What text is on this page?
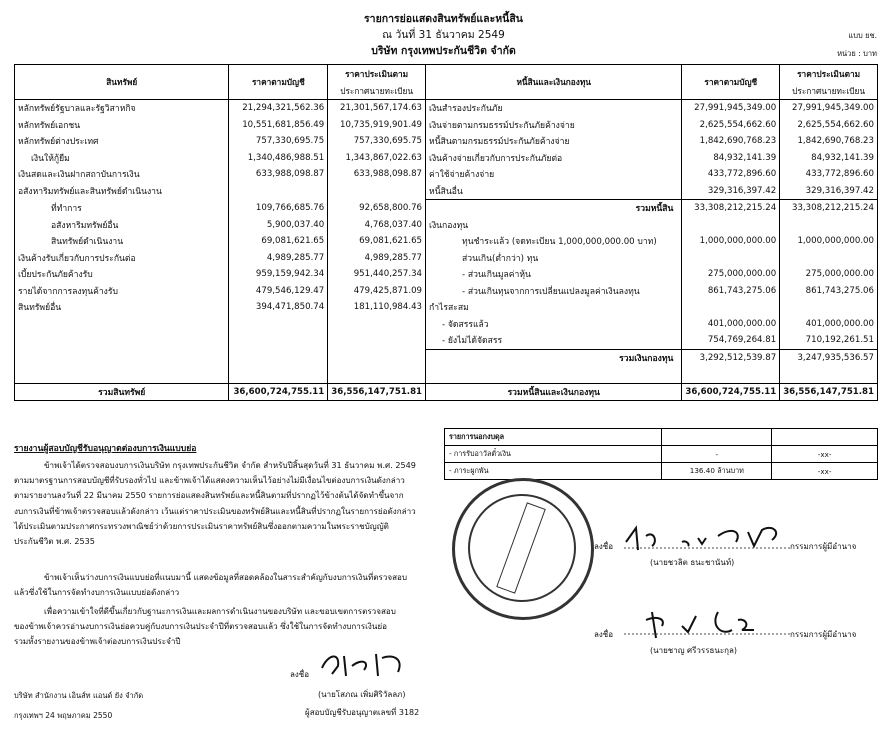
รายการย่อแสดงสินทรัพย์และหนี้สิน
ณ วันที่ 31 ธันวาคม 2549
บริษัท กรุงเทพประกันชีวิต จำกัด
แบบ ยช.
หน่วย : บาท
สินทรัพย์	ราคาตามบัญชี	ราคาประเมินตาม	หนี้สินและเงินกองทุน	ราคาตามบัญชี	ราคาประเมินตาม
		ประกาศนายทะเบียน			ประกาศนายทะเบียน
หลักทรัพย์รัฐบาลและรัฐวิสาหกิจ	21,294,321,562.36	21,301,567,174.63	เงินสำรองประกันภัย	27,991,945,349.00	27,991,945,349.00
หลักทรัพย์เอกชน	10,551,681,856.49	10,735,919,901.49	เงินจ่ายตามกรมธรรม์ประกันภัยค้างจ่าย	2,625,554,662.60	2,625,554,662.60
หลักทรัพย์ต่างประเทศ	757,330,695.75	757,330,695.75	หนี้สินตามกรมธรรม์ประกันภัยค้างจ่าย	1,842,690,768.23	1,842,690,768.23
เงินให้กู้ยืม	1,340,486,988.51	1,343,867,022.63	เงินค้างจ่ายเกี่ยวกับการประกันภัยต่อ	84,932,141.39	84,932,141.39
เงินสดและเงินฝากสถาบันการเงิน	633,988,098.87	633,988,098.87	ค่าใช้จ่ายค้างจ่าย	433,772,896.60	433,772,896.60
อสังหาริมทรัพย์และสินทรัพย์ดำเนินงาน			หนี้สินอื่น	329,316,397.42	329,316,397.42
ที่ทำการ	109,766,685.76	92,658,800.76	รวมหนี้สิน	33,308,212,215.24	33,308,212,215.24
อสังหาริมทรัพย์อื่น	5,900,037.40	4,768,037.40	เงินกองทุน		
สินทรัพย์ดำเนินงาน	69,081,621.65	69,081,621.65	ทุนชำระแล้ว (จดทะเบียน 1,000,000,000.00 บาท)	1,000,000,000.00	1,000,000,000.00
เงินค้างรับเกี่ยวกับการประกันต่อ	4,989,285.77	4,989,285.77	ส่วนเกิน(ต่ำกว่า) ทุน		
เบี้ยประกันภัยค้างรับ	959,159,942.34	951,440,257.34	- ส่วนเกินมูลค่าหุ้น	275,000,000.00	275,000,000.00
รายได้จากการลงทุนค้างรับ	479,546,129.47	479,425,871.09	- ส่วนเกินทุนจากการเปลี่ยนแปลงมูลค่าเงินลงทุน	861,743,275.06	861,743,275.06
สินทรัพย์อื่น	394,471,850.74	181,110,984.43	กำไรสะสม		
			- จัดสรรแล้ว	401,000,000.00	401,000,000.00
			- ยังไม่ได้จัดสรร	754,769,264.81	710,192,261.51
			รวมเงินกองทุน	3,292,512,539.87	3,247,935,536.57

รวมสินทรัพย์	36,600,724,755.11	36,556,147,751.81	รวมหนี้สินและเงินกองทุน	36,600,724,755.11	36,556,147,751.81
รายการนอกงบดุล		
- การรับอาวัลตั๋วเงิน	-	-xx-
- ภาระผูกพัน	136.40 ล้านบาท	-xx-
รายงานผู้สอบบัญชีรับอนุญาตต่องบการเงินแบบย่อ
ข้าพเจ้าได้ตรวจสอบงบการเงินบริษัท กรุงเทพประกันชีวิต จำกัด สำหรับปีสิ้นสุดวันที่ 31 ธันวาคม พ.ศ. 2549
ตามมาตรฐานการสอบบัญชีที่รับรองทั่วไป และข้าพเจ้าได้แสดงความเห็นไว้อย่างไม่มีเงื่อนไขต่องบการเงินดังกล่าว
ตามรายงานลงวันที่ 22 มีนาคม 2550 รายการย่อแสดงสินทรัพย์และหนี้สินตามที่ปรากฏไว้ข้างต้นได้จัดทำขึ้นจาก
งบการเงินที่ข้าพเจ้าตรวจสอบแล้วดังกล่าว เว้นแต่ราคาประเมินของทรัพย์สินและหนี้สินที่ปรากฏในรายการย่อดังกล่าว
ได้ประเมินตามประกาศกระทรวงพาณิชย์ว่าด้วยการประเมินราคาทรัพย์สินซึ่งออกตามความในพระราชบัญญัติ
ประกันชีวิต พ.ศ. 2535
ข้าพเจ้าเห็นว่างบการเงินแบบย่อที่แนบมานี้ แสดงข้อมูลที่สอดคล้องในสาระสำคัญกับงบการเงินที่ตรวจสอบ
แล้วซึ่งใช้ในการจัดทำงบการเงินแบบย่อดังกล่าว
เพื่อความเข้าใจที่ดีขึ้นเกี่ยวกับฐานะการเงินและผลการดำเนินงานของบริษัท และขอบเขตการตรวจสอบ
ของข้าพเจ้าควรอ่านงบการเงินย่อควบคู่กับงบการเงินประจำปีที่ตรวจสอบแล้ว ซึ่งใช้ในการจัดทำงบการเงินย่อ
รวมทั้งรายงานของข้าพเจ้าต่องบการเงินประจำปี
ลงชื่อ
(นายโสภณ เพิ่มศิริวัลลภ)
ผู้สอบบัญชีรับอนุญาตเลขที่ 3182
บริษัท สำนักงาน เอินส์ท แอนด์ ยัง จำกัด
กรุงเทพฯ 24 พฤษภาคม 2550
ลงชื่อ	กรรมการผู้มีอำนาจ
(นายชวลิต ธนะชานันท์)
ลงชื่อ	กรรมการผู้มีอำนาจ
(นายชาญ ศรีวรรธนะกุล)
